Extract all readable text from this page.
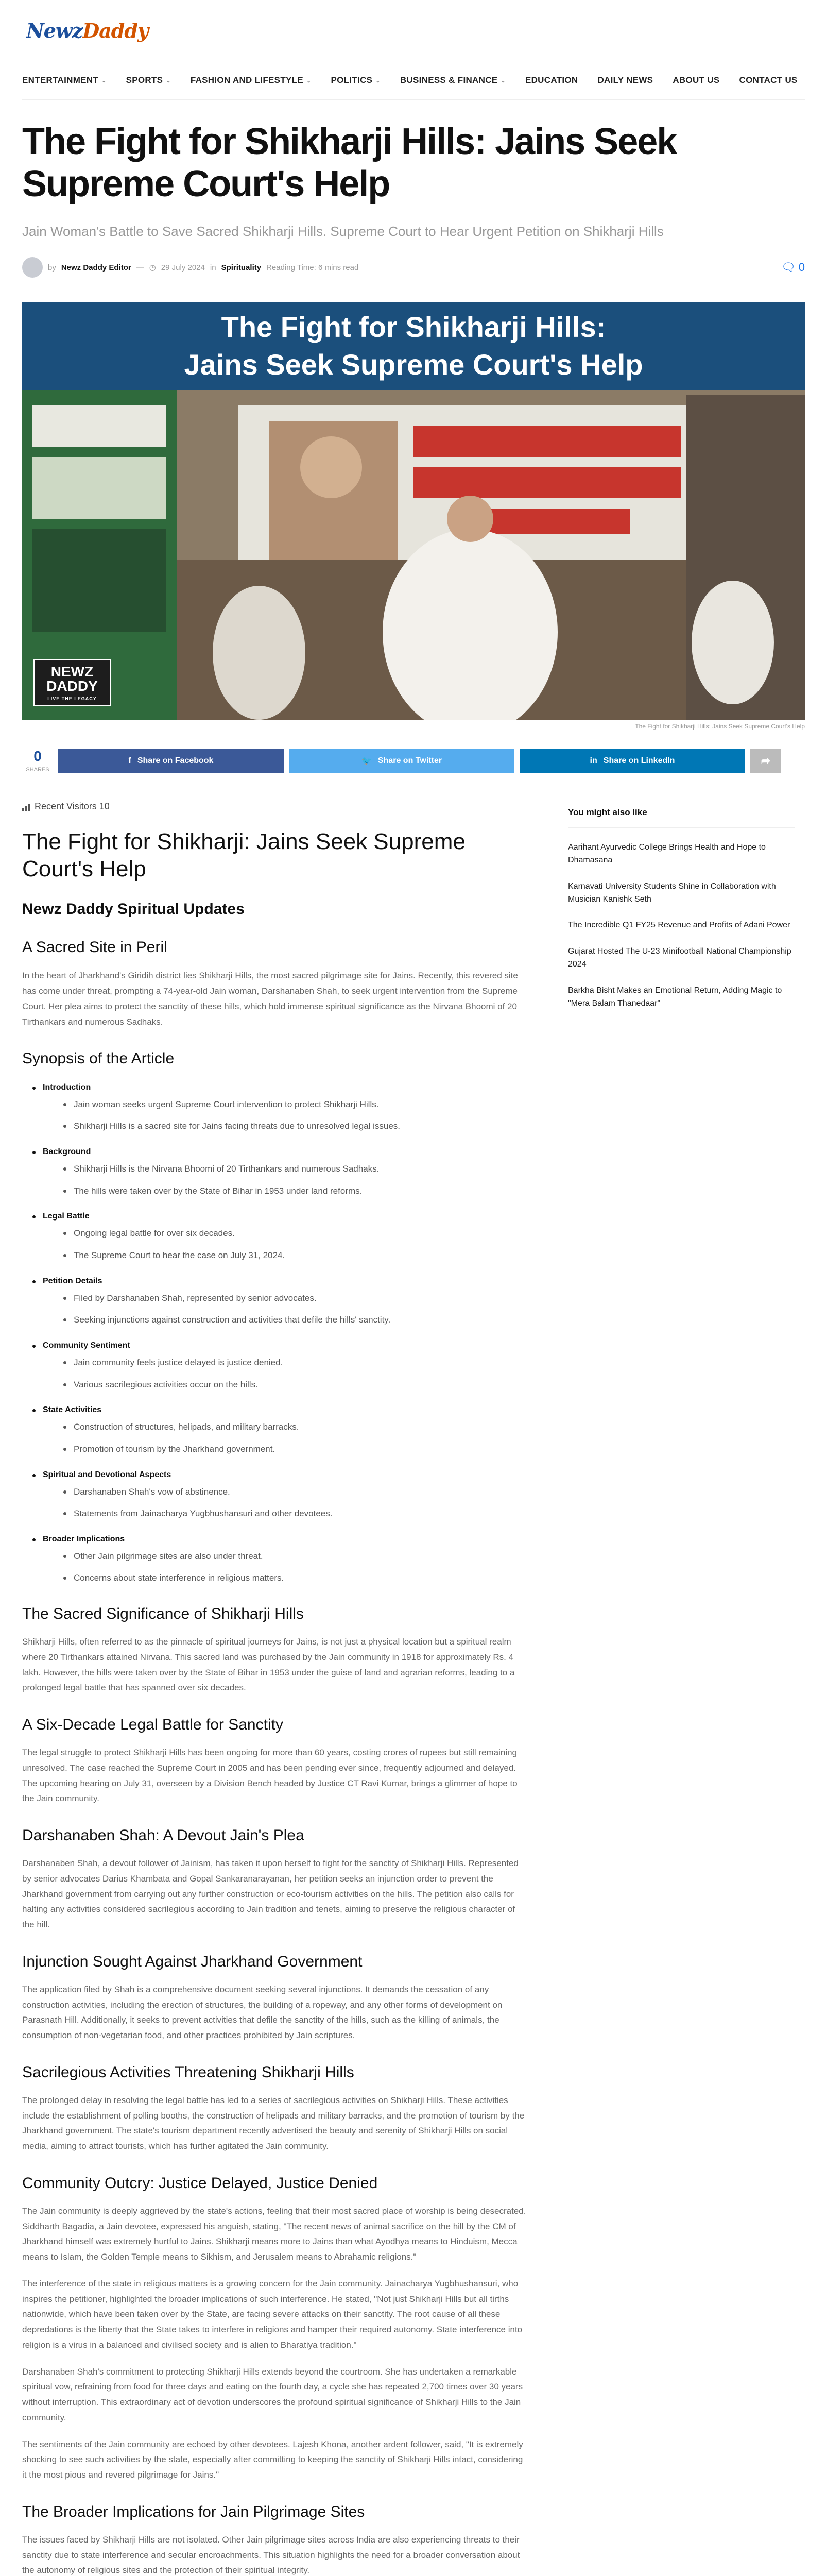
NewzDaddy
ENTERTAINMENT ⌄ SPORTS ⌄ FASHION AND LIFESTYLE ⌄ POLITICS ⌄ BUSINESS & FINANCE ⌄ EDUCATION DAILY NEWS ABOUT US CONTACT US
The Fight for Shikharji Hills: Jains Seek Supreme Court's Help

Jain Woman's Battle to Save Sacred Shikharji Hills. Supreme Court to Hear Urgent Petition on Shikharji Hills

by Newz Daddy Editor — ◷ 29 July 2024 in Spirituality Reading Time: 6 mins read	🗨 0
The Fight for Shikharji Hills:
Jains Seek Supreme Court's Help
NEWZ DADDY
LIVE THE LEGACY
The Fight for Shikharji Hills: Jains Seek Supreme Court's Help
0
SHARES
f Share on Facebook	🐦 Share on Twitter	in Share on LinkedIn	➦
Recent Visitors 10
The Fight for Shikharji: Jains Seek Supreme Court's Help
Newz Daddy Spiritual Updates
A Sacred Site in Peril

In the heart of Jharkhand's Giridih district lies Shikharji Hills, the most sacred pilgrimage site for Jains. Recently, this revered site has come under threat, prompting a 74-year-old Jain woman, Darshanaben Shah, to seek urgent intervention from the Supreme Court. Her plea aims to protect the sanctity of these hills, which hold immense spiritual significance as the Nirvana Bhoomi of 20 Tirthankars and numerous Sadhaks.

Synopsis of the Article
Introduction
Jain woman seeks urgent Supreme Court intervention to protect Shikharji Hills.
Shikharji Hills is a sacred site for Jains facing threats due to unresolved legal issues.
Background
Shikharji Hills is the Nirvana Bhoomi of 20 Tirthankars and numerous Sadhaks.
The hills were taken over by the State of Bihar in 1953 under land reforms.
Legal Battle
Ongoing legal battle for over six decades.
The Supreme Court to hear the case on July 31, 2024.
Petition Details
Filed by Darshanaben Shah, represented by senior advocates.
Seeking injunctions against construction and activities that defile the hills' sanctity.
Community Sentiment
Jain community feels justice delayed is justice denied.
Various sacrilegious activities occur on the hills.
State Activities
Construction of structures, helipads, and military barracks.
Promotion of tourism by the Jharkhand government.
Spiritual and Devotional Aspects
Darshanaben Shah's vow of abstinence.
Statements from Jainacharya Yugbhushansuri and other devotees.
Broader Implications
Other Jain pilgrimage sites are also under threat.
Concerns about state interference in religious matters.
The Sacred Significance of Shikharji Hills

Shikharji Hills, often referred to as the pinnacle of spiritual journeys for Jains, is not just a physical location but a spiritual realm where 20 Tirthankars attained Nirvana. This sacred land was purchased by the Jain community in 1918 for approximately Rs. 4 lakh. However, the hills were taken over by the State of Bihar in 1953 under the guise of land and agrarian reforms, leading to a prolonged legal battle that has spanned over six decades.

A Six-Decade Legal Battle for Sanctity

The legal struggle to protect Shikharji Hills has been ongoing for more than 60 years, costing crores of rupees but still remaining unresolved. The case reached the Supreme Court in 2005 and has been pending ever since, frequently adjourned and delayed. The upcoming hearing on July 31, overseen by a Division Bench headed by Justice CT Ravi Kumar, brings a glimmer of hope to the Jain community.

Darshanaben Shah: A Devout Jain's Plea

Darshanaben Shah, a devout follower of Jainism, has taken it upon herself to fight for the sanctity of Shikharji Hills. Represented by senior advocates Darius Khambata and Gopal Sankaranarayanan, her petition seeks an injunction order to prevent the Jharkhand government from carrying out any further construction or eco-tourism activities on the hills. The petition also calls for halting any activities considered sacrilegious according to Jain tradition and tenets, aiming to preserve the religious character of the hill.

Injunction Sought Against Jharkhand Government

The application filed by Shah is a comprehensive document seeking several injunctions. It demands the cessation of any construction activities, including the erection of structures, the building of a ropeway, and any other forms of development on Parasnath Hill. Additionally, it seeks to prevent activities that defile the sanctity of the hills, such as the killing of animals, the consumption of non-vegetarian food, and other practices prohibited by Jain scriptures.

Sacrilegious Activities Threatening Shikharji Hills

The prolonged delay in resolving the legal battle has led to a series of sacrilegious activities on Shikharji Hills. These activities include the establishment of polling booths, the construction of helipads and military barracks, and the promotion of tourism by the Jharkhand government. The state's tourism department recently advertised the beauty and serenity of Shikharji Hills on social media, aiming to attract tourists, which has further agitated the Jain community.

Community Outcry: Justice Delayed, Justice Denied

The Jain community is deeply aggrieved by the state's actions, feeling that their most sacred place of worship is being desecrated. Siddharth Bagadia, a Jain devotee, expressed his anguish, stating, "The recent news of animal sacrifice on the hill by the CM of Jharkhand himself was extremely hurtful to Jains. Shikharji means more to Jains than what Ayodhya means to Hinduism, Mecca means to Islam, the Golden Temple means to Sikhism, and Jerusalem means to Abrahamic religions."

The interference of the state in religious matters is a growing concern for the Jain community. Jainacharya Yugbhushansuri, who inspires the petitioner, highlighted the broader implications of such interference. He stated, "Not just Shikharji Hills but all tirths nationwide, which have been taken over by the State, are facing severe attacks on their sanctity. The root cause of all these depredations is the liberty that the State takes to interfere in religions and hamper their required autonomy. State interference into religion is a virus in a balanced and civilised society and is alien to Bharatiya tradition."

Darshanaben Shah's commitment to protecting Shikharji Hills extends beyond the courtroom. She has undertaken a remarkable spiritual vow, refraining from food for three days and eating on the fourth day, a cycle she has repeated 2,700 times over 30 years without interruption. This extraordinary act of devotion underscores the profound spiritual significance of Shikharji Hills to the Jain community.

The sentiments of the Jain community are echoed by other devotees. Lajesh Khona, another ardent follower, said, "It is extremely shocking to see such activities by the state, especially after committing to keeping the sanctity of Shikharji Hills intact, considering it the most pious and revered pilgrimage for Jains."

The Broader Implications for Jain Pilgrimage Sites

The issues faced by Shikharji Hills are not isolated. Other Jain pilgrimage sites across India are also experiencing threats to their sanctity due to state interference and secular encroachments. This situation highlights the need for a broader conversation about the autonomy of religious sites and the protection of their spiritual integrity.

You might also like
Aarihant Ayurvedic College Brings Health and Hope to Dhamasana
Karnavati University Students Shine in Collaboration with Musician Kanishk Seth
The Incredible Q1 FY25 Revenue and Profits of Adani Power
Gujarat Hosted The U-23 Minifootball National Championship 2024
Barkha Bisht Makes an Emotional Return, Adding Magic to "Mera Balam Thanedaar"
